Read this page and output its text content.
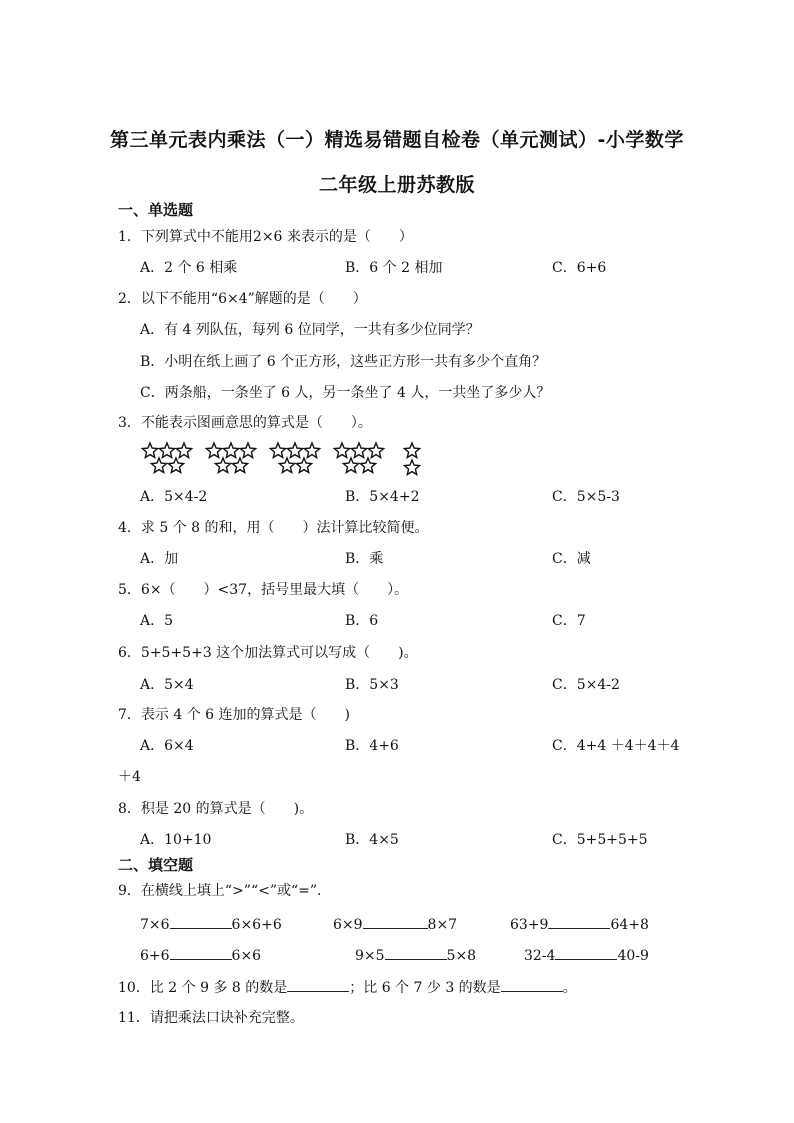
第三单元表内乘法（一）精选易错题自检卷（单元测试）-小学数学
二年级上册苏教版
一、单选题
1．下列算式中不能用2×6 来表示的是（　　）
A．2 个 6 相乘	B．6 个 2 相加	C．6+6
2．以下不能用“6×4”解题的是（　　）
A．有 4 列队伍，每列 6 位同学，一共有多少位同学？
B．小明在纸上画了 6 个正方形，这些正方形一共有多少个直角？
C．两条船，一条坐了 6 人，另一条坐了 4 人，一共坐了多少人？
3．不能表示图画意思的算式是（　　）。
A．5×4-2	B．5×4+2	C．5×5-3
4．求 5 个 8 的和，用（　　）法计算比较简便。
A．加	B．乘	C．减
5．6×（　　）<37，括号里最大填（　　）。
A．5	B．6	C．7
6．5+5+5+3 这个加法算式可以写成（　　)。
A．5×4	B．5×3	C．5×4-2
7．表示 4 个 6 连加的算式是（　　)
A．6×4	B．4+6	C．4+4 ＋4＋4＋4
＋4
8．积是 20 的算式是（　　)。
A．10+10	B．4×5	C．5+5+5+5
二、填空题
9．在横线上填上“>”“<”或“=”.
7×6	6×6+6	6×9	8×7	63+9	64+8
6+6	6×6	9×5	5×8	32-4	40-9
10．比 2 个 9 多 8 的数是	；比 6 个 7 少 3 的数是	。
11．请把乘法口诀补充完整。
